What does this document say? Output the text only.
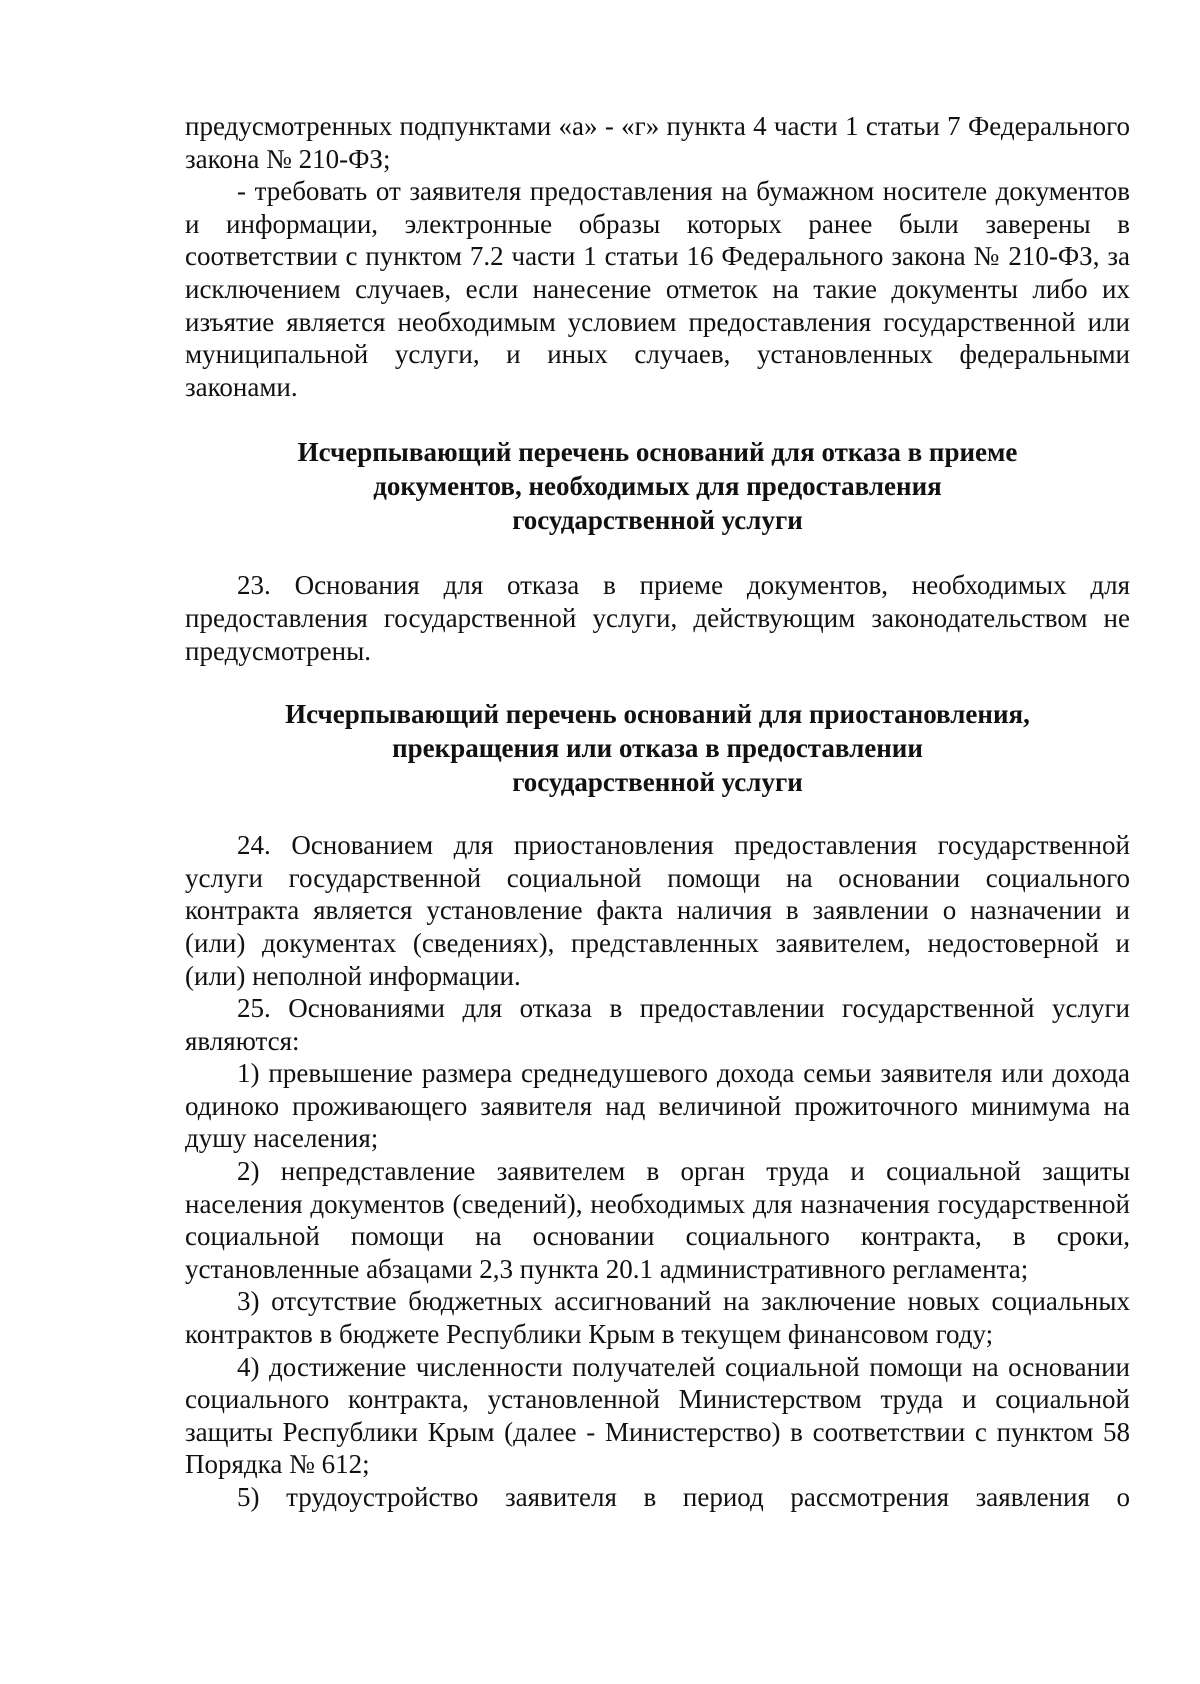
предусмотренных подпунктами «а» - «г» пункта 4 части 1 статьи 7 Федерального закона № 210-ФЗ;

- требовать от заявителя предоставления на бумажном носителе документов и информации, электронные образы которых ранее были заверены в соответствии с пунктом 7.2 части 1 статьи 16 Федерального закона № 210-ФЗ, за исключением случаев, если нанесение отметок на такие документы либо их изъятие является необходимым условием предоставления государственной или муниципальной услуги, и иных случаев, установленных федеральными законами.

Исчерпывающий перечень оснований для отказа в приеме

документов, необходимых для предоставления

государственной услуги

23. Основания для отказа в приеме документов, необходимых для предоставления государственной услуги, действующим законодательством не предусмотрены.

Исчерпывающий перечень оснований для приостановления,

прекращения или отказа в предоставлении

государственной услуги

24. Основанием для приостановления предоставления государственной услуги государственной социальной помощи на основании социального контракта является установление факта наличия в заявлении о назначении и (или) документах (сведениях), представленных заявителем, недостоверной и (или) неполной информации.

25. Основаниями для отказа в предоставлении государственной услуги являются:

1) превышение размера среднедушевого дохода семьи заявителя или дохода одиноко проживающего заявителя над величиной прожиточного минимума на душу населения;

2) непредставление заявителем в орган труда и социальной защиты населения документов (сведений), необходимых для назначения государственной социальной помощи на основании социального контракта, в сроки, установленные абзацами 2,3 пункта 20.1 административного регламента;

3) отсутствие бюджетных ассигнований на заключение новых социальных контрактов в бюджете Республики Крым в текущем финансовом году;

4) достижение численности получателей социальной помощи на основании социального контракта, установленной Министерством труда и социальной защиты Республики Крым (далее - Министерство) в соответствии с пунктом 58 Порядка № 612;

5) трудоустройство заявителя в период рассмотрения заявления о
